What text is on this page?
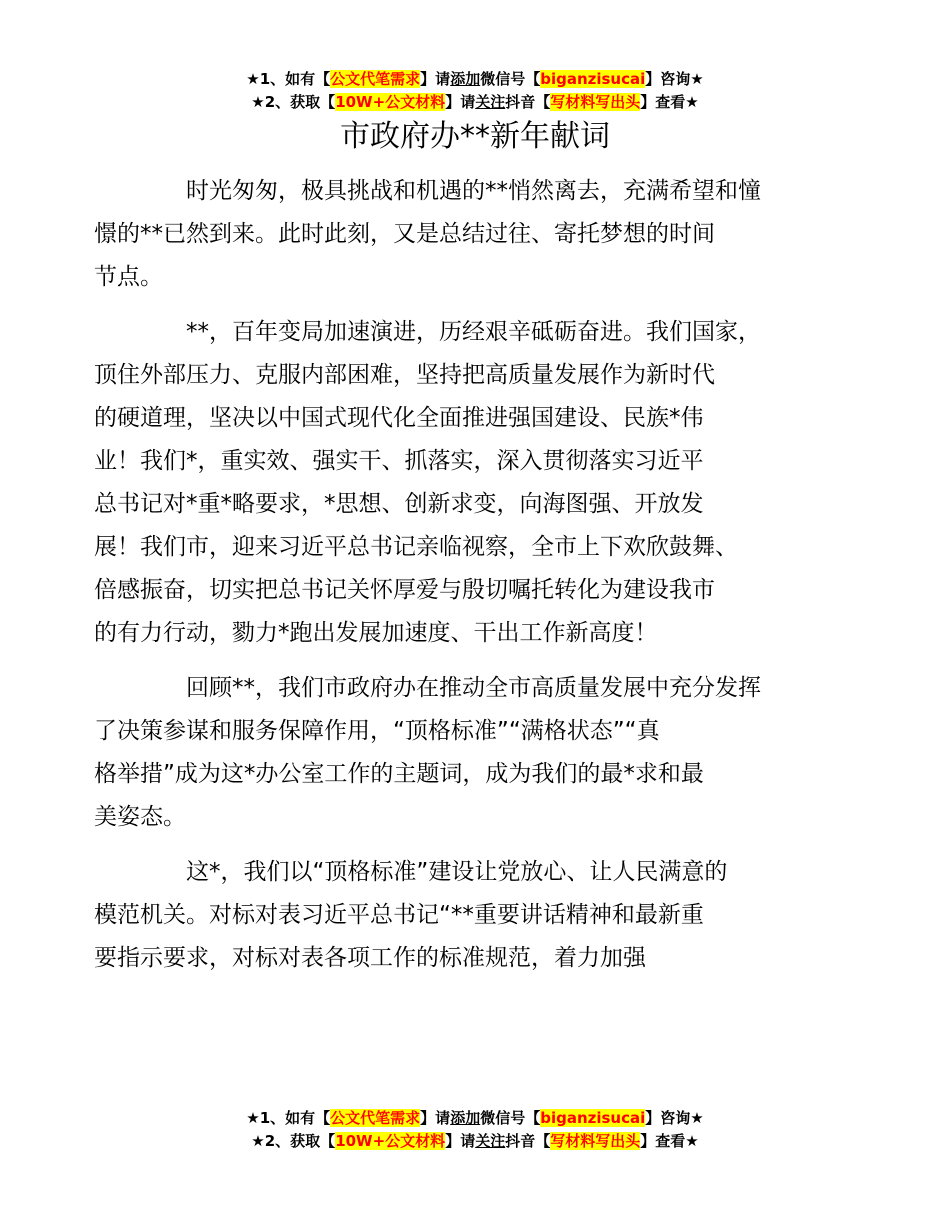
★1、如有【公文代笔需求】请添加微信号【biganzisucai】咨询★
★2、获取【10W+公文材料】请关注抖音【写材料写出头】查看★
市政府办**新年献词

时光匆匆，极具挑战和机遇的**悄然离去，充满希望和憧
憬的**已然到来。此时此刻，又是总结过往、寄托梦想的时间
节点。

**，百年变局加速演进，历经艰辛砥砺奋进。我们国家，
顶住外部压力、克服内部困难，坚持把高质量发展作为新时代
的硬道理，坚决以中国式现代化全面推进强国建设、民族*伟
业！我们*，重实效、强实干、抓落实，深入贯彻落实习近平
总书记对*重*略要求，*思想、创新求变，向海图强、开放发
展！我们市，迎来习近平总书记亲临视察，全市上下欢欣鼓舞、
倍感振奋，切实把总书记关怀厚爱与殷切嘱托转化为建设我市
的有力行动，勠力*跑出发展加速度、干出工作新高度！

回顾**，我们市政府办在推动全市高质量发展中充分发挥
了决策参谋和服务保障作用，“顶格标准”“满格状态”“真
格举措”成为这*办公室工作的主题词，成为我们的最*求和最
美姿态。

这*，我们以“顶格标准”建设让党放心、让人民满意的
模范机关。对标对表习近平总书记“**重要讲话精神和最新重
要指示要求，对标对表各项工作的标准规范，着力加强

★1、如有【公文代笔需求】请添加微信号【biganzisucai】咨询★
★2、获取【10W+公文材料】请关注抖音【写材料写出头】查看★
